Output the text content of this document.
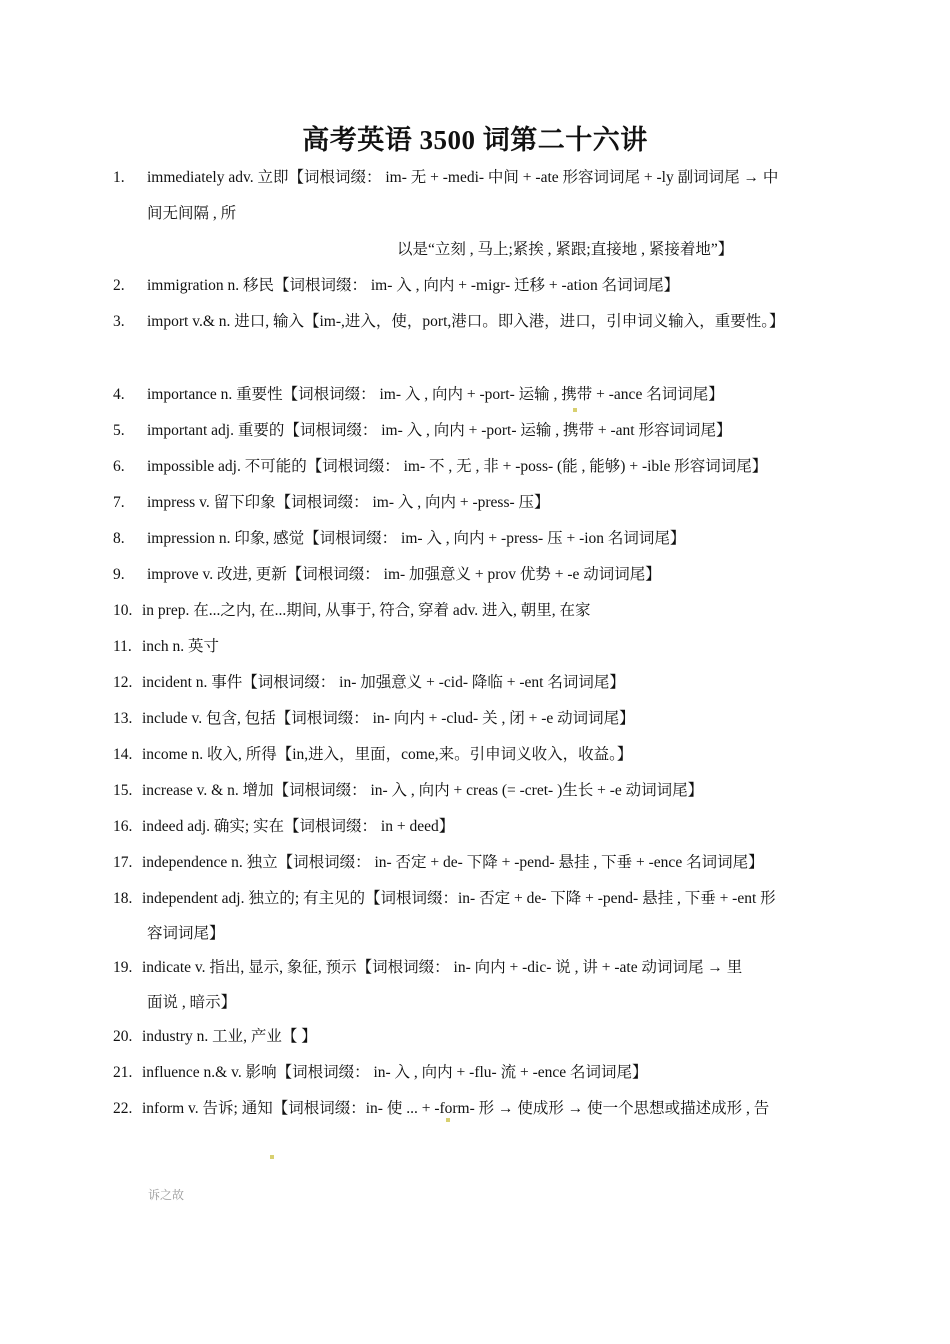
高考英语 3500 词第二十六讲
1. immediately adv. 立即【词根词缀： im- 无 + -medi- 中间 + -ate 形容词词尾 + -ly 副词词尾 → 中
间无间隔 , 所
以是“立刻 , 马上;紧挨 , 紧跟;直接地 , 紧接着地”】
2. immigration n. 移民【词根词缀： im- 入 , 向内 + -migr- 迁移 + -ation 名词词尾】
3. import v.& n. 进口, 输入【im-,进入，使，port,港口。即入港，进口，引申词义输入，重要性。】
4. importance n. 重要性【词根词缀： im- 入 , 向内 + -port- 运输 , 携带 + -ance 名词词尾】
5. important adj. 重要的【词根词缀： im- 入 , 向内 + -port- 运输 , 携带 + -ant 形容词词尾】
6. impossible adj. 不可能的【词根词缀： im- 不 , 无 , 非 + -poss- (能 , 能够) + -ible 形容词词尾】
7. impress v. 留下印象【词根词缀： im- 入 , 向内 + -press- 压】
8. impression n. 印象, 感觉【词根词缀： im- 入 , 向内 + -press- 压 + -ion 名词词尾】
9. improve v. 改进, 更新【词根词缀： im- 加强意义 + prov 优势 + -e 动词词尾】
10. in prep. 在...之内, 在...期间, 从事于, 符合, 穿着 adv. 进入, 朝里, 在家
11. inch n. 英寸
12. incident n. 事件【词根词缀： in- 加强意义 + -cid- 降临 + -ent 名词词尾】
13. include v. 包含, 包括【词根词缀： in- 向内 + -clud- 关 , 闭 + -e 动词词尾】
14. income n. 收入, 所得【in,进入，里面，come,来。引申词义收入，收益。】
15. increase v. & n. 增加【词根词缀： in- 入 , 向内 + creas (= -cret- )生长 + -e 动词词尾】
16. indeed adj. 确实; 实在【词根词缀： in + deed】
17. independence n. 独立【词根词缀： in- 否定 + de- 下降 + -pend- 悬挂 , 下垂 + -ence 名词词尾】
18. independent adj. 独立的; 有主见的【词根词缀：in- 否定 + de- 下降 + -pend- 悬挂 , 下垂 + -ent 形
容词词尾】
19. indicate v. 指出, 显示, 象征, 预示【词根词缀： in- 向内 + -dic- 说 , 讲 + -ate 动词词尾 → 里
面说 , 暗示】
20. industry n. 工业, 产业【 】
21. influence n.& v. 影响【词根词缀： in- 入 , 向内 + -flu- 流 + -ence 名词词尾】
22. inform v. 告诉; 通知【词根词缀：in- 使 ... + -form- 形 → 使成形 → 使一个思想或描述成形 , 告
诉之故
